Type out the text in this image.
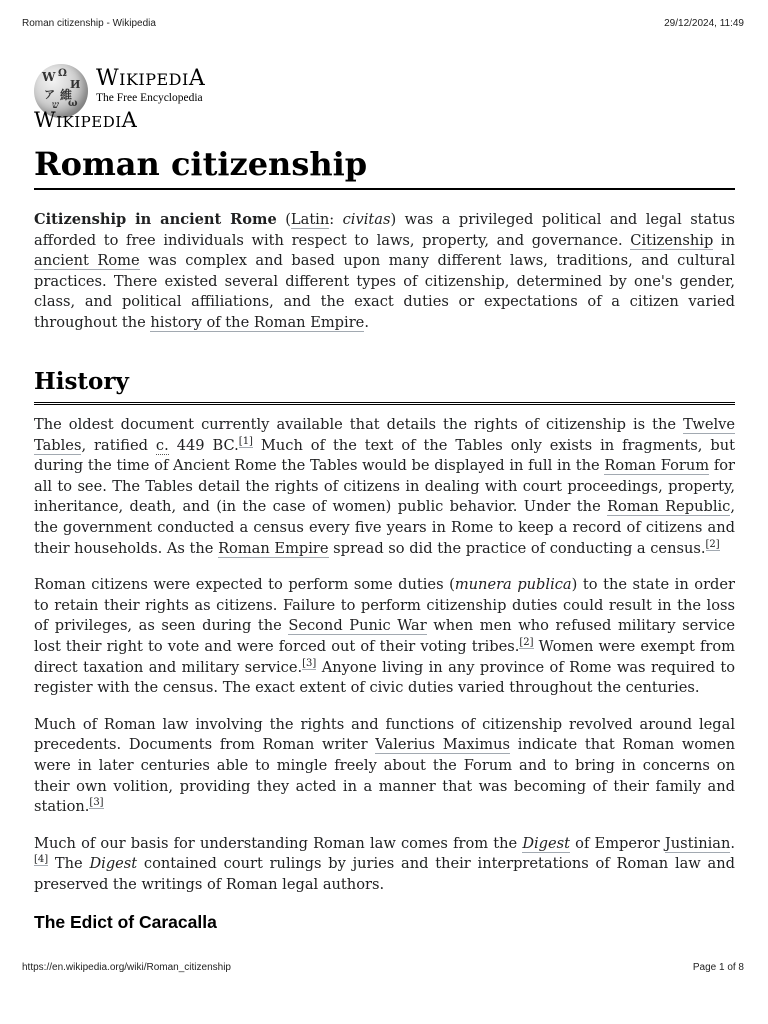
Roman citizenship - Wikipedia	29/12/2024, 11:49
W Ω
И
ア 維
ש ω
WIKIPEDIA
The Free Encyclopedia
WIKIPEDIA
Roman citizenship

Citizenship in ancient Rome (Latin: civitas) was a privileged political and legal status afforded to free individuals with respect to laws, property, and governance. Citizenship in ancient Rome was complex and based upon many different laws, traditions, and cultural practices. There existed several different types of citizenship, determined by one's gender, class, and political affiliations, and the exact duties or expectations of a citizen varied throughout the history of the Roman Empire.

History

The oldest document currently available that details the rights of citizenship is the Twelve Tables, ratified c. 449 BC.[1] Much of the text of the Tables only exists in fragments, but during the time of Ancient Rome the Tables would be displayed in full in the Roman Forum for all to see. The Tables detail the rights of citizens in dealing with court proceedings, property, inheritance, death, and (in the case of women) public behavior. Under the Roman Republic, the government conducted a census every five years in Rome to keep a record of citizens and their households. As the Roman Empire spread so did the practice of conducting a census.[2]

Roman citizens were expected to perform some duties (munera publica) to the state in order to retain their rights as citizens. Failure to perform citizenship duties could result in the loss of privileges, as seen during the Second Punic War when men who refused military service lost their right to vote and were forced out of their voting tribes.[2] Women were exempt from direct taxation and military service.[3] Anyone living in any province of Rome was required to register with the census. The exact extent of civic duties varied throughout the centuries.

Much of Roman law involving the rights and functions of citizenship revolved around legal precedents. Documents from Roman writer Valerius Maximus indicate that Roman women were in later centuries able to mingle freely about the Forum and to bring in concerns on their own volition, providing they acted in a manner that was becoming of their family and station.[3]

Much of our basis for understanding Roman law comes from the Digest of Emperor Justinian.[4] The Digest contained court rulings by juries and their interpretations of Roman law and preserved the writings of Roman legal authors.

The Edict of Caracalla
https://en.wikipedia.org/wiki/Roman_citizenship	Page 1 of 8
